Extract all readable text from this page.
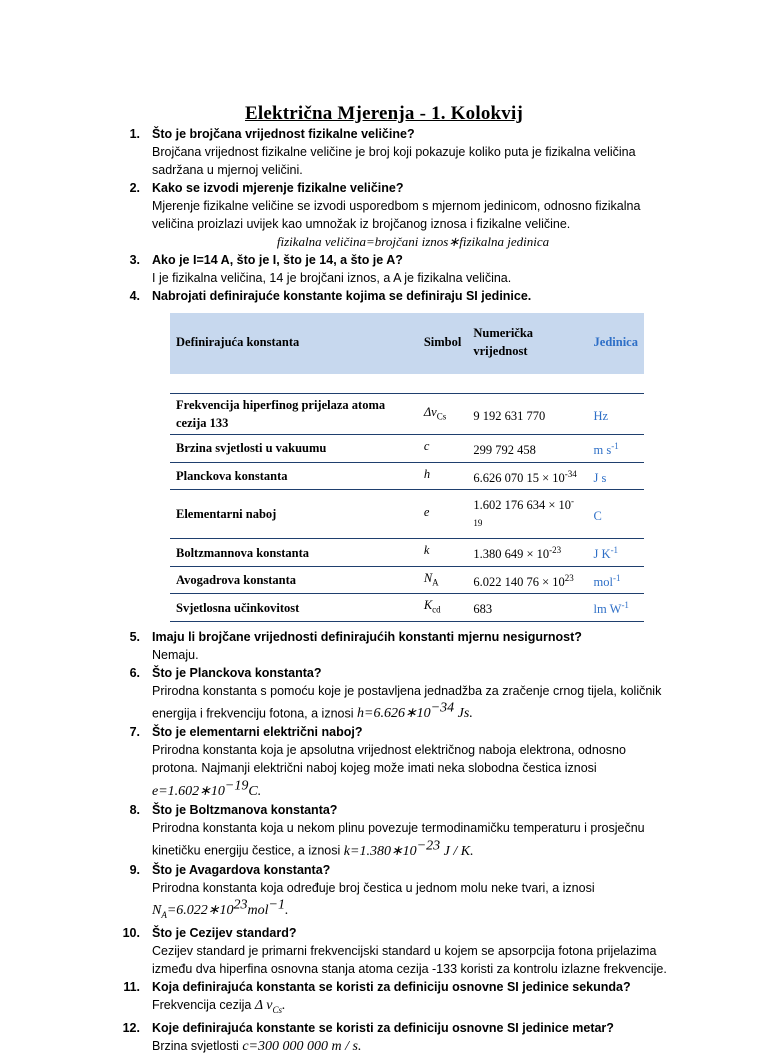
Električna Mjerenja - 1. Kolokvij
1. Što je brojčana vrijednost fizikalne veličine?
Brojčana vrijednost fizikalne veličine je broj koji pokazuje koliko puta je fizikalna veličina sadržana u mjernoj veličini.
2. Kako se izvodi mjerenje fizikalne veličine?
Mjerenje fizikalne veličine se izvodi usporedbom s mjernom jedinicom, odnosno fizikalna veličina proizlazi uvijek kao umnožak iz brojčanog iznosa i fizikalne veličine.
fizikalna veličina=brojčani iznos∗fizikalna jedinica
3. Ako je I=14 A, što je I, što je 14, a što je A?
I je fizikalna veličina, 14 je brojčani iznos, a A je fizikalna veličina.
4. Nabrojati definirajuće konstante kojima se definiraju SI jedinice.
Definirajuća konstanta	Simbol	Numerička vrijednost	Jedinica

Frekvencija hiperfinog prijelaza atoma cezija 133	$\Delta\nu_{Cs}$	9 192 631 770	Hz
Brzina svjetlosti u vakuumu	c	299 792 458	m $s^{-1}$
Planckova konstanta	h	6.626 070 $15 \times 10^{-34}$	J s
Elementarni naboj	e	1.602 176 $634 \times 10^{-19}$	C
Boltzmannova konstanta	k	1.380 $649 \times 10^{-23}$	J $K^{-1}$
Avogadrova konstanta	$N_A$	6.022 140 $76 \times 10^{23}$	mol$^{-1}$
Svjetlosna učinkovitost	$K_{cd}$	683	lm $W^{-1}$
5. Imaju li brojčane vrijednosti definirajućih konstanti mjernu nesigurnost?
Nemaju.
6. Što je Planckova konstanta?
Prirodna konstanta s pomoću koje je postavljena jednadžba za zračenje crnog tijela, količnik energija i frekvenciju fotona, a iznosi $h=6.626∗10^{-34}$ Js.
7. Što je elementarni električni naboj?
Prirodna konstanta koja je apsolutna vrijednost električnog naboja elektrona, odnosno protona. Najmanji električni naboj kojeg može imati neka slobodna čestica iznosi
$e=1.602∗10^{-19}C$.
8. Što je Boltzmanova konstanta?
Prirodna konstanta koja u nekom plinu povezuje termodinamičku temperaturu i prosječnu kinetičku energiju čestice, a iznosi $k=1.380∗10^{-23}$ J / K.
9. Što je Avagardova konstanta?
Prirodna konstanta koja određuje broj čestica u jednom molu neke tvari, a iznosi
$N_A=6.022∗10^{23}mol^{-1}$.
10. Što je Cezijev standard?
Cezijev standard je primarni frekvencijski standard u kojem se apsorpcija fotona prijelazima između dva hiperfina osnovna stanja atoma cezija -133 koristi za kontrolu izlazne frekvencije.
11. Koja definirajuća konstanta se koristi za definiciju osnovne SI jedinice sekunda?
Frekvencija cezija Δ $v_{Cs}$.
12. Koje definirajuća konstante se koristi za definiciju osnovne SI jedinice metar?
Brzina svjetlosti c=300 000 000 m / s.
